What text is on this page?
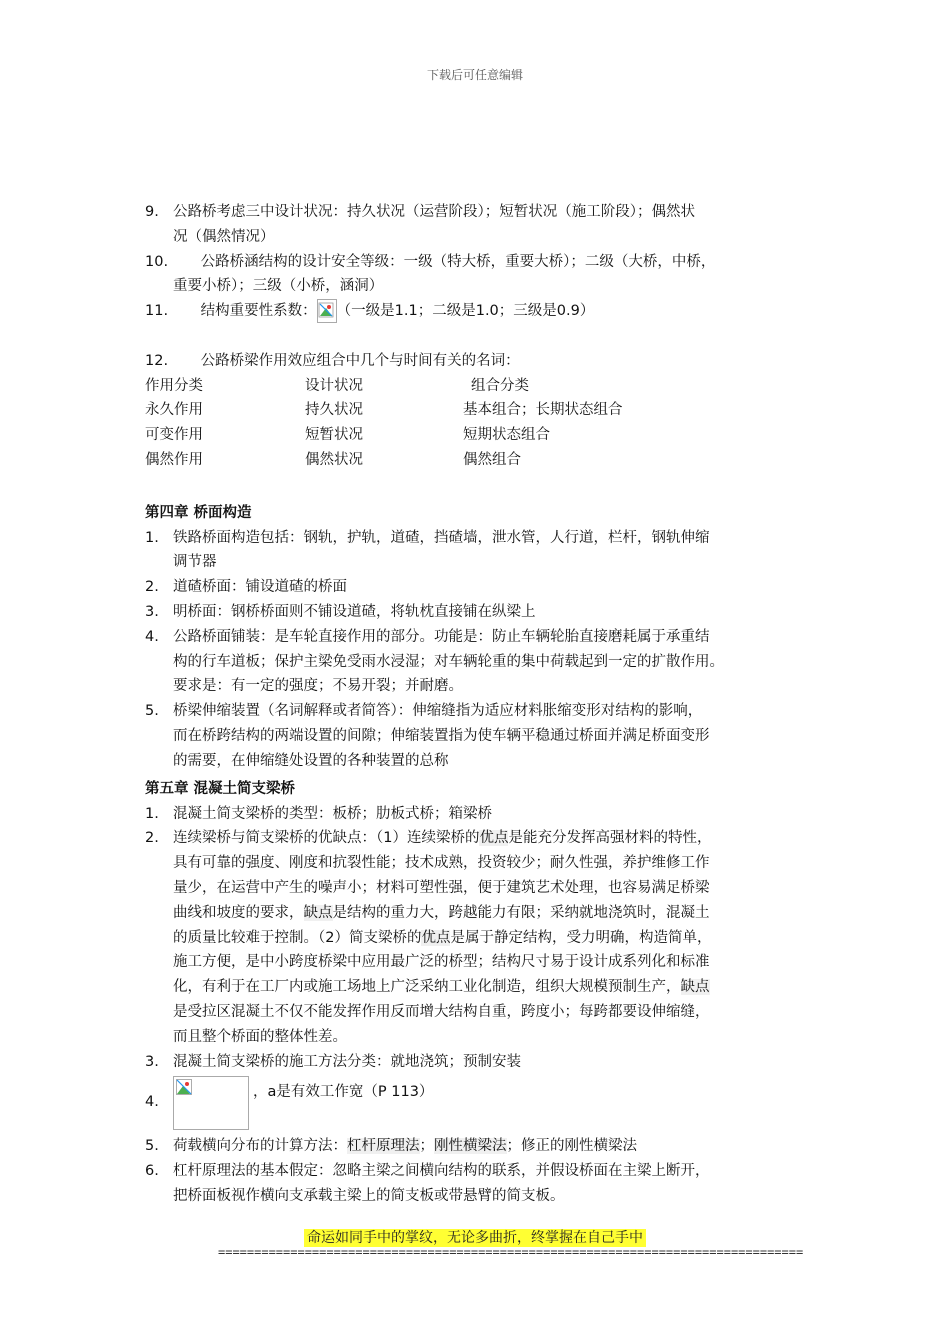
下载后可任意编辑
9. 公路桥考虑三中设计状况：持久状况（运营阶段）；短暂状况（施工阶段）；偶然状
况（偶然情况）
10. 公路桥涵结构的设计安全等级：一级（特大桥，重要大桥）；二级（大桥，中桥，
重要小桥）；三级（小桥，涵洞）
11. 结构重要性系数： （一级是1.1；二级是1.0；三级是0.9）
12. 公路桥梁作用效应组合中几个与时间有关的名词：
作用分类	设计状况	组合分类
永久作用	持久状况	基本组合；长期状态组合
可变作用	短暂状况	短期状态组合
偶然作用	偶然状况	偶然组合
第四章 桥面构造
1. 铁路桥面构造包括：钢轨，护轨，道碴，挡碴墙，泄水管，人行道，栏杆，钢轨伸缩
调节器
2. 道碴桥面：铺设道碴的桥面
3. 明桥面：钢桥桥面则不铺设道碴，将轨枕直接铺在纵梁上
4. 公路桥面铺装：是车轮直接作用的部分。功能是：防止车辆轮胎直接磨耗属于承重结
构的行车道板；保护主梁免受雨水浸湿；对车辆轮重的集中荷载起到一定的扩散作用。
要求是：有一定的强度；不易开裂；并耐磨。
5. 桥梁伸缩装置（名词解释或者简答）：伸缩缝指为适应材料胀缩变形对结构的影响，
而在桥跨结构的两端设置的间隙；伸缩装置指为使车辆平稳通过桥面并满足桥面变形
的需要，在伸缩缝处设置的各种装置的总称
第五章 混凝土简支梁桥
1. 混凝土简支梁桥的类型：板桥；肋板式桥；箱梁桥
2. 连续梁桥与简支梁桥的优缺点：（1）连续梁桥的优点是能充分发挥高强材料的特性，
具有可靠的强度、刚度和抗裂性能；技术成熟，投资较少；耐久性强，养护维修工作
量少，在运营中产生的噪声小；材料可塑性强，便于建筑艺术处理，也容易满足桥梁
曲线和坡度的要求，缺点是结构的重力大，跨越能力有限；采纳就地浇筑时，混凝土
的质量比较难于控制。（2）简支梁桥的优点是属于静定结构，受力明确，构造简单，
施工方便，是中小跨度桥梁中应用最广泛的桥型；结构尺寸易于设计成系列化和标准
化，有利于在工厂内或施工场地上广泛采纳工业化制造，组织大规模预制生产，缺点
是受拉区混凝土不仅不能发挥作用反而增大结构自重，跨度小；每跨都要设伸缩缝，
而且整个桥面的整体性差。
3. 混凝土简支梁桥的施工方法分类：就地浇筑；预制安装
4.
，a是有效工作宽（P 113）
5. 荷载横向分布的计算方法：杠杆原理法；刚性横梁法；修正的刚性横梁法
6. 杠杆原理法的基本假定：忽略主梁之间横向结构的联系，并假设桥面在主梁上断开，
把桥面板视作横向支承载主梁上的简支板或带悬臂的简支板。
命运如同手中的掌纹，无论多曲折，终掌握在自己手中
=================================================================================
